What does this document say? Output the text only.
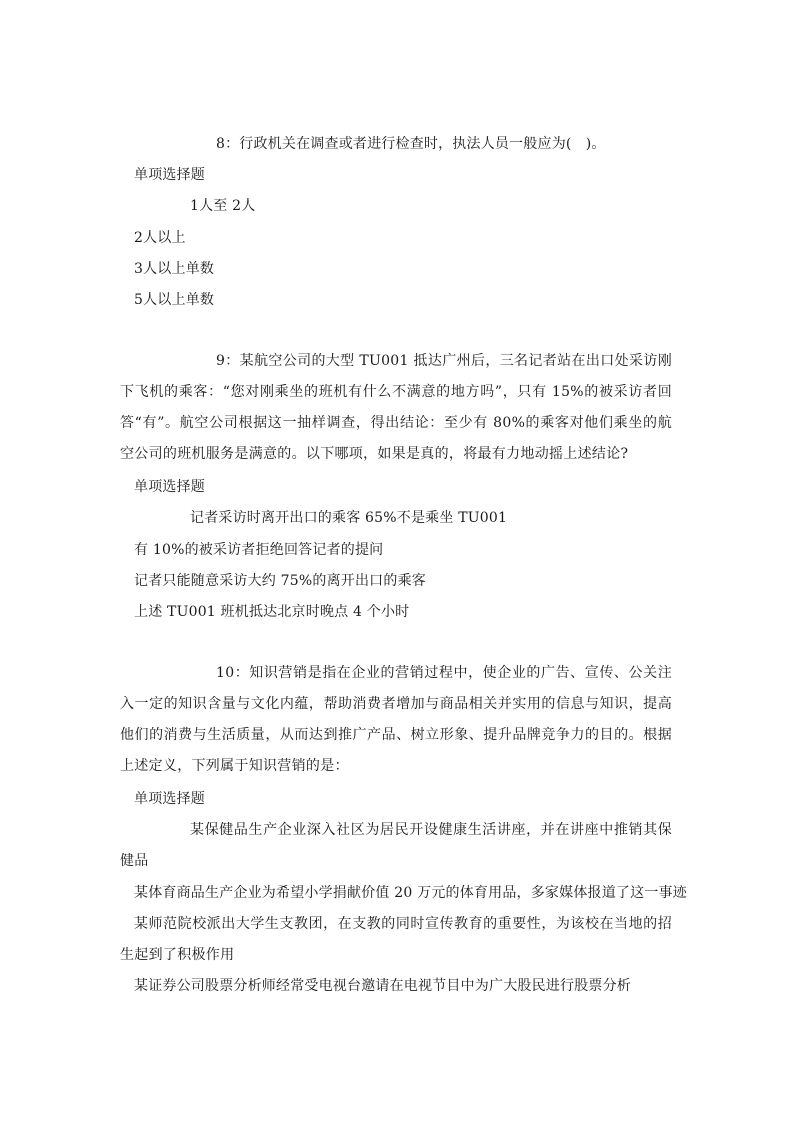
8：行政机关在调查或者进行检查时，执法人员一般应为(　)。
单项选择题
1人至 2人
2人以上
3人以上单数
5人以上单数
9：某航空公司的大型 TU001 抵达广州后，三名记者站在出口处采访刚下飞机的乘客：“您对刚乘坐的班机有什么不满意的地方吗”，只有 15%的被采访者回答“有”。航空公司根据这一抽样调查，得出结论：至少有 80%的乘客对他们乘坐的航空公司的班机服务是满意的。以下哪项，如果是真的，将最有力地动摇上述结论?
单项选择题
记者采访时离开出口的乘客 65%不是乘坐 TU001
有 10%的被采访者拒绝回答记者的提问
记者只能随意采访大约 75%的离开出口的乘客
上述 TU001 班机抵达北京时晚点 4 个小时
10：知识营销是指在企业的营销过程中，使企业的广告、宣传、公关注入一定的知识含量与文化内蕴，帮助消费者增加与商品相关并实用的信息与知识，提高他们的消费与生活质量，从而达到推广产品、树立形象、提升品牌竞争力的目的。根据上述定义，下列属于知识营销的是：
单项选择题
某保健品生产企业深入社区为居民开设健康生活讲座，并在讲座中推销其保健品
某体育商品生产企业为希望小学捐献价值 20 万元的体育用品，多家媒体报道了这一事迹
某师范院校派出大学生支教团，在支教的同时宣传教育的重要性，为该校在当地的招生起到了积极作用
某证券公司股票分析师经常受电视台邀请在电视节目中为广大股民进行股票分析
